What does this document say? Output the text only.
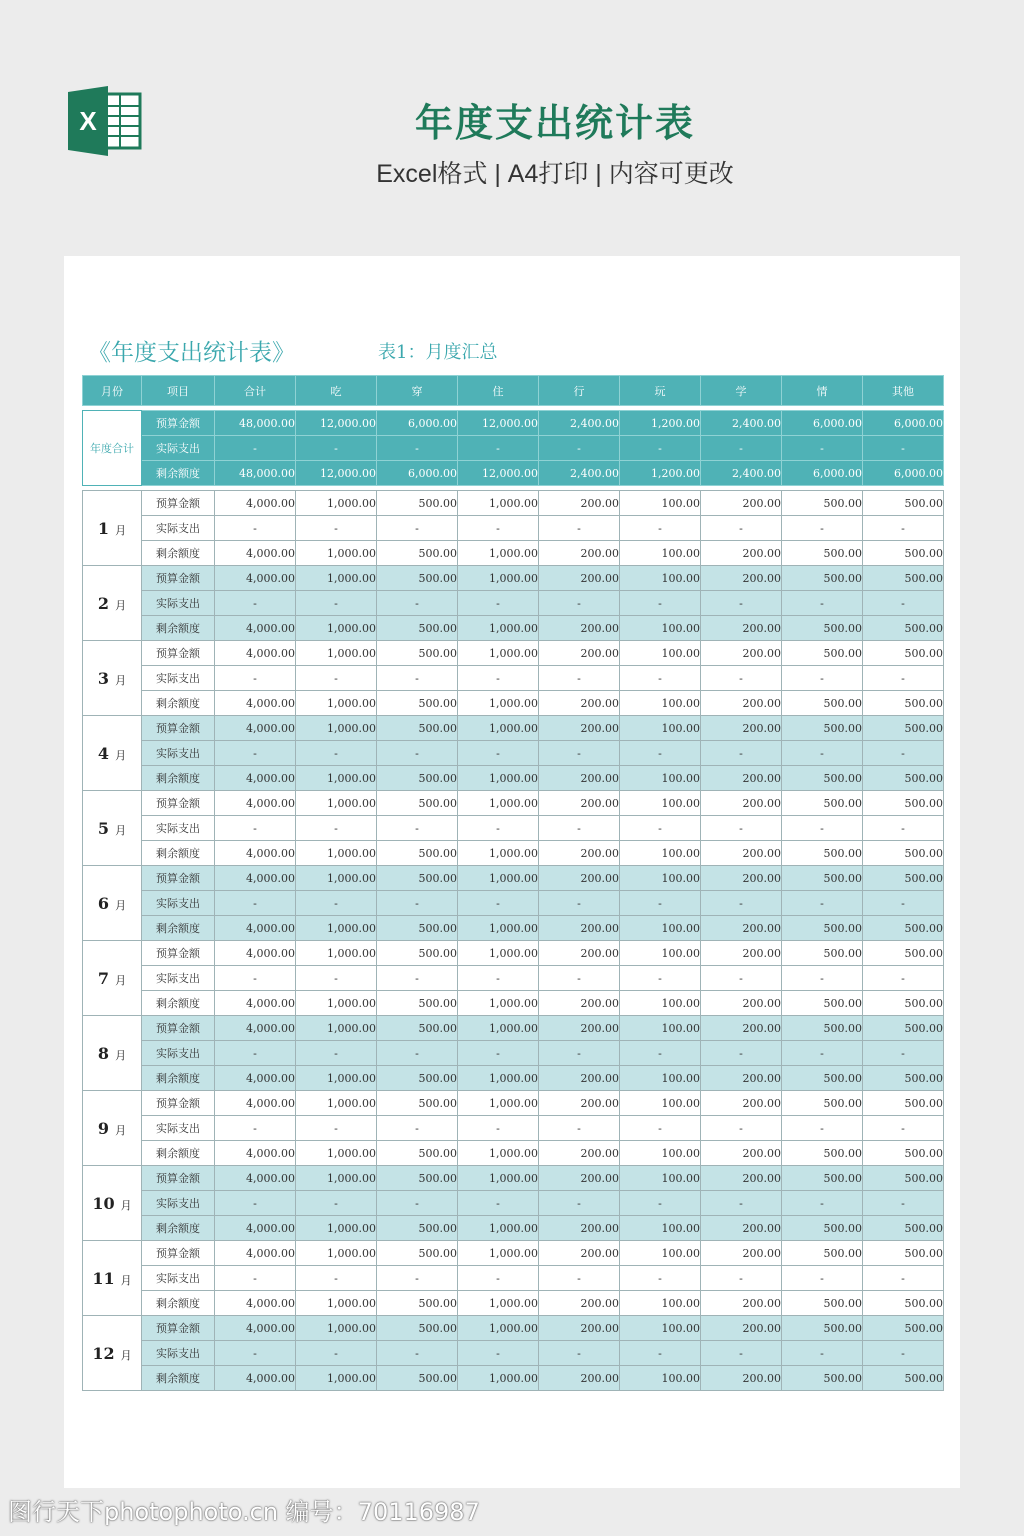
X	年度支出统计表
Excel格式 | A4打印 | 内容可更改
《年度支出统计表》	表1：月度汇总
月份	项目	合计	吃	穿	住	行	玩	学	情	其他

年度合计	预算金额	48,000.00	12,000.00	6,000.00	12,000.00	2,400.00	1,200.00	2,400.00	6,000.00	6,000.00
	实际支出	-	-	-	-	-	-	-	-	-
	剩余额度	48,000.00	12,000.00	6,000.00	12,000.00	2,400.00	1,200.00	2,400.00	6,000.00	6,000.00

1 月	预算金额	4,000.00	1,000.00	500.00	1,000.00	200.00	100.00	200.00	500.00	500.00
	实际支出	-	-	-	-	-	-	-	-	-
	剩余额度	4,000.00	1,000.00	500.00	1,000.00	200.00	100.00	200.00	500.00	500.00
2 月	预算金额	4,000.00	1,000.00	500.00	1,000.00	200.00	100.00	200.00	500.00	500.00
	实际支出	-	-	-	-	-	-	-	-	-
	剩余额度	4,000.00	1,000.00	500.00	1,000.00	200.00	100.00	200.00	500.00	500.00
3 月	预算金额	4,000.00	1,000.00	500.00	1,000.00	200.00	100.00	200.00	500.00	500.00
	实际支出	-	-	-	-	-	-	-	-	-
	剩余额度	4,000.00	1,000.00	500.00	1,000.00	200.00	100.00	200.00	500.00	500.00
4 月	预算金额	4,000.00	1,000.00	500.00	1,000.00	200.00	100.00	200.00	500.00	500.00
	实际支出	-	-	-	-	-	-	-	-	-
	剩余额度	4,000.00	1,000.00	500.00	1,000.00	200.00	100.00	200.00	500.00	500.00
5 月	预算金额	4,000.00	1,000.00	500.00	1,000.00	200.00	100.00	200.00	500.00	500.00
	实际支出	-	-	-	-	-	-	-	-	-
	剩余额度	4,000.00	1,000.00	500.00	1,000.00	200.00	100.00	200.00	500.00	500.00
6 月	预算金额	4,000.00	1,000.00	500.00	1,000.00	200.00	100.00	200.00	500.00	500.00
	实际支出	-	-	-	-	-	-	-	-	-
	剩余额度	4,000.00	1,000.00	500.00	1,000.00	200.00	100.00	200.00	500.00	500.00
7 月	预算金额	4,000.00	1,000.00	500.00	1,000.00	200.00	100.00	200.00	500.00	500.00
	实际支出	-	-	-	-	-	-	-	-	-
	剩余额度	4,000.00	1,000.00	500.00	1,000.00	200.00	100.00	200.00	500.00	500.00
8 月	预算金额	4,000.00	1,000.00	500.00	1,000.00	200.00	100.00	200.00	500.00	500.00
	实际支出	-	-	-	-	-	-	-	-	-
	剩余额度	4,000.00	1,000.00	500.00	1,000.00	200.00	100.00	200.00	500.00	500.00
9 月	预算金额	4,000.00	1,000.00	500.00	1,000.00	200.00	100.00	200.00	500.00	500.00
	实际支出	-	-	-	-	-	-	-	-	-
	剩余额度	4,000.00	1,000.00	500.00	1,000.00	200.00	100.00	200.00	500.00	500.00
10 月	预算金额	4,000.00	1,000.00	500.00	1,000.00	200.00	100.00	200.00	500.00	500.00
	实际支出	-	-	-	-	-	-	-	-	-
	剩余额度	4,000.00	1,000.00	500.00	1,000.00	200.00	100.00	200.00	500.00	500.00
11 月	预算金额	4,000.00	1,000.00	500.00	1,000.00	200.00	100.00	200.00	500.00	500.00
	实际支出	-	-	-	-	-	-	-	-	-
	剩余额度	4,000.00	1,000.00	500.00	1,000.00	200.00	100.00	200.00	500.00	500.00
12 月	预算金额	4,000.00	1,000.00	500.00	1,000.00	200.00	100.00	200.00	500.00	500.00
	实际支出	-	-	-	-	-	-	-	-	-
	剩余额度	4,000.00	1,000.00	500.00	1,000.00	200.00	100.00	200.00	500.00	500.00
图行天下photophoto.cn 编号：70116987
